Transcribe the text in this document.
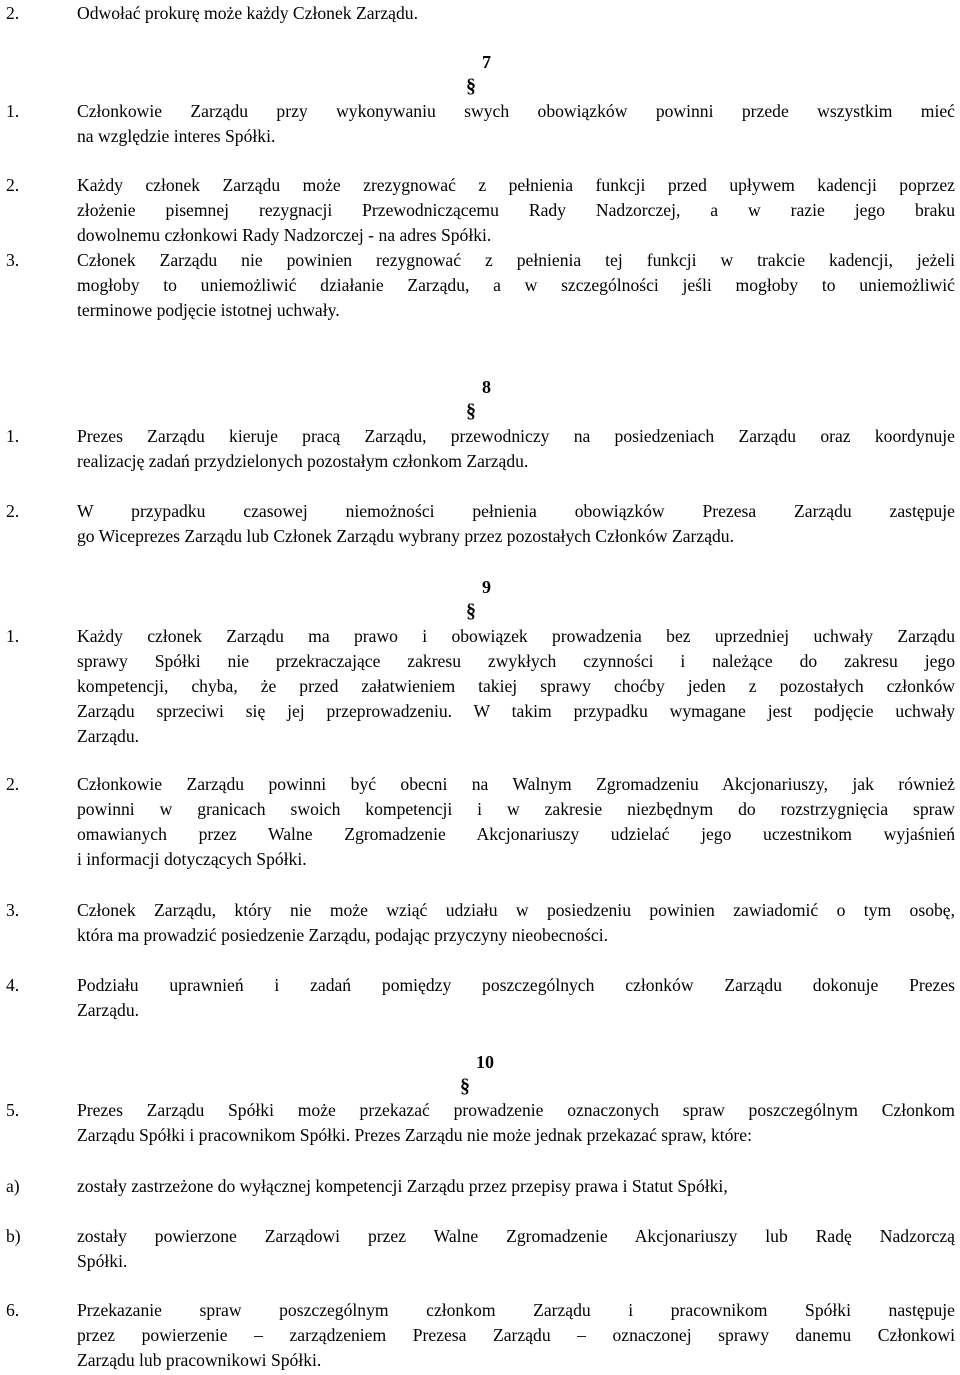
2.	Odwołać prokurę może każdy Członek Zarządu.
1.	Członkowie Zarządu przy wykonywaniu swych obowiązków powinni przede wszystkim mieć
na względzie interes Spółki.
2.	Każdy członek Zarządu może zrezygnować z pełnienia funkcji przed upływem kadencji poprzez
złożenie pisemnej rezygnacji Przewodniczącemu Rady Nadzorczej, a w razie jego braku
dowolnemu członkowi Rady Nadzorczej - na adres Spółki.
3.	Członek Zarządu nie powinien rezygnować z pełnienia tej funkcji w trakcie kadencji, jeżeli
mogłoby to uniemożliwić działanie Zarządu, a w szczególności jeśli mogłoby to uniemożliwić
terminowe podjęcie istotnej uchwały.
1.	Prezes Zarządu kieruje pracą Zarządu, przewodniczy na posiedzeniach Zarządu oraz koordynuje
realizację zadań przydzielonych pozostałym członkom Zarządu.
2.	W przypadku czasowej niemożności pełnienia obowiązków Prezesa Zarządu zastępuje
go Wiceprezes Zarządu lub Członek Zarządu wybrany przez pozostałych Członków Zarządu.
1.	Każdy członek Zarządu ma prawo i obowiązek prowadzenia bez uprzedniej uchwały Zarządu
sprawy Spółki nie przekraczające zakresu zwykłych czynności i należące do zakresu jego
kompetencji, chyba, że przed załatwieniem takiej sprawy choćby jeden z pozostałych członków
Zarządu sprzeciwi się jej przeprowadzeniu. W takim przypadku wymagane jest podjęcie uchwały
Zarządu.
2.	Członkowie Zarządu powinni być obecni na Walnym Zgromadzeniu Akcjonariuszy, jak również
powinni w granicach swoich kompetencji i w zakresie niezbędnym do rozstrzygnięcia spraw
omawianych przez Walne Zgromadzenie Akcjonariuszy udzielać jego uczestnikom wyjaśnień
i informacji dotyczących Spółki.
3.	Członek Zarządu, który nie może wziąć udziału w posiedzeniu powinien zawiadomić o tym osobę,
która ma prowadzić posiedzenie Zarządu, podając przyczyny nieobecności.
4.	Podziału uprawnień i zadań pomiędzy poszczególnych członków Zarządu dokonuje Prezes
Zarządu.
5.	Prezes Zarządu Spółki może przekazać prowadzenie oznaczonych spraw poszczególnym Członkom
Zarządu Spółki i pracownikom Spółki. Prezes Zarządu nie może jednak przekazać spraw, które:
a)	zostały zastrzeżone do wyłącznej kompetencji Zarządu przez przepisy prawa i Statut Spółki,
b)	zostały powierzone Zarządowi przez Walne Zgromadzenie Akcjonariuszy lub Radę Nadzorczą
Spółki.
6.	Przekazanie spraw poszczególnym członkom Zarządu i pracownikom Spółki następuje
przez powierzenie – zarządzeniem Prezesa Zarządu – oznaczonej sprawy danemu Członkowi
Zarządu lub pracownikowi Spółki.
§
7
§
8
§
9
§
10
